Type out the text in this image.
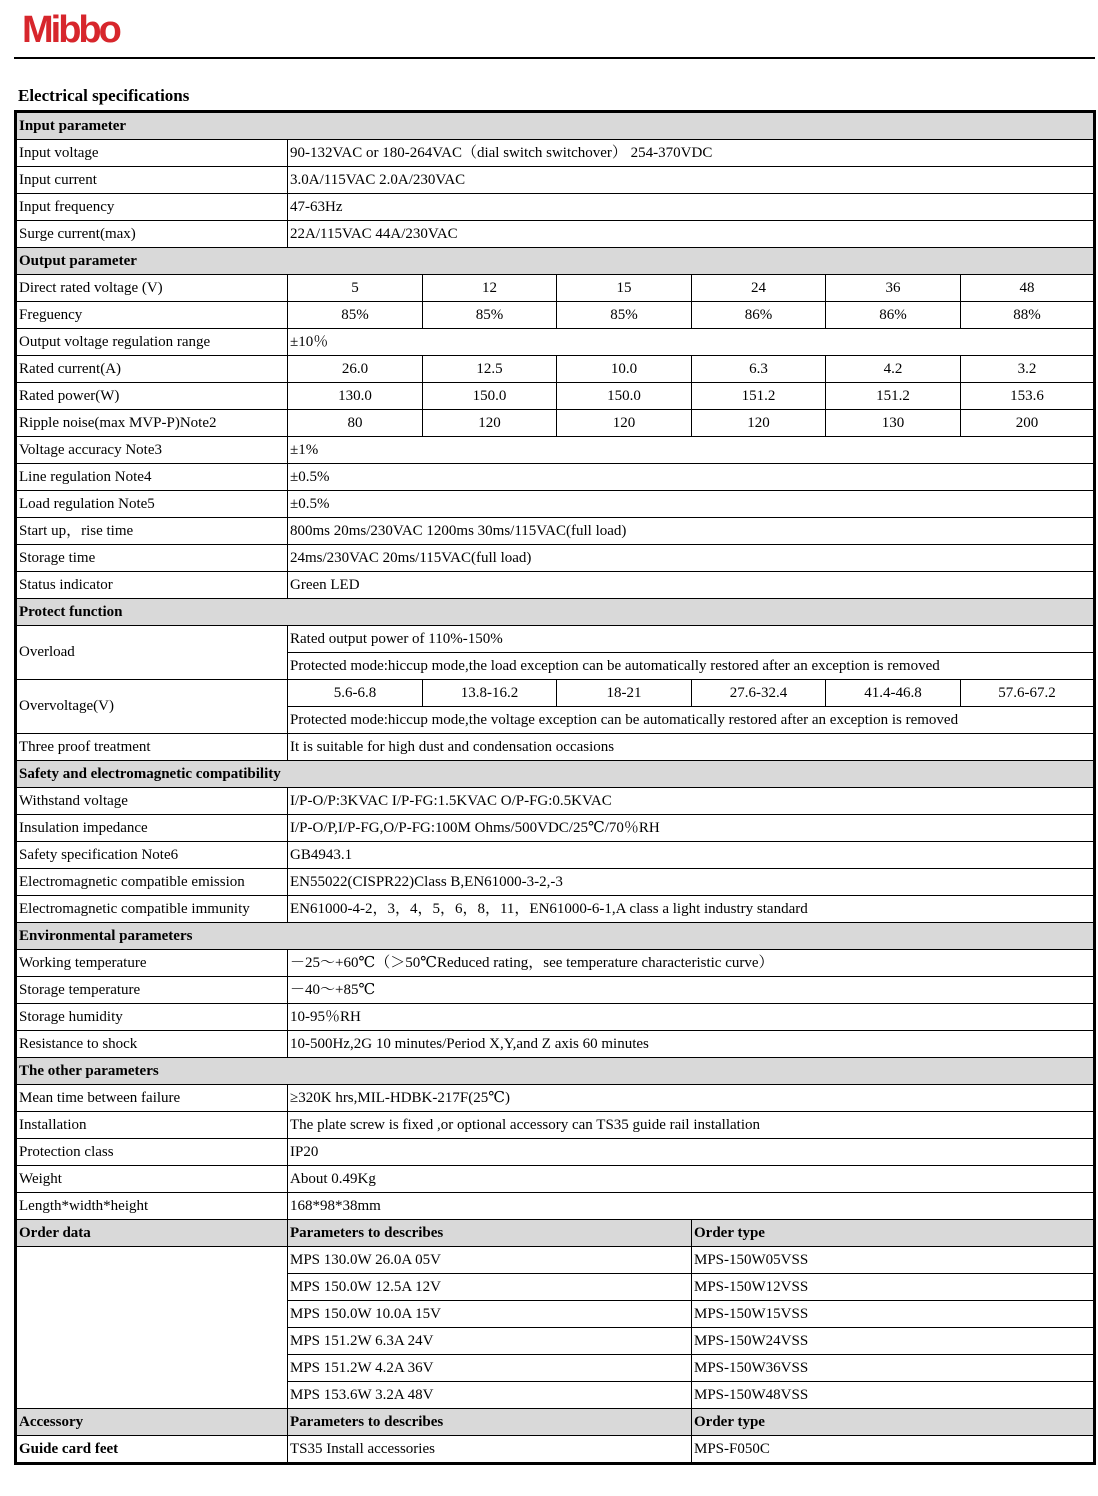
Mibbo
Electrical specifications
Input parameter						
Input voltage	90-132VAC or 180-264VAC（dial switch switchover） 254-370VDC					
Input current	3.0A/115VAC 2.0A/230VAC					
Input frequency	47-63Hz					
Surge current(max)	22A/115VAC 44A/230VAC					
Output parameter						
Direct rated voltage (V)	5	12	15	24	36	48
Freguency	85%	85%	85%	86%	86%	88%
Output voltage regulation range	±10％					
Rated current(A)	26.0	12.5	10.0	6.3	4.2	3.2
Rated power(W)	130.0	150.0	150.0	151.2	151.2	153.6
Ripple noise(max MVP-P)Note2	80	120	120	120	130	200
Voltage accuracy Note3	±1%					
Line regulation Note4	±0.5%					
Load regulation Note5	±0.5%					
Start up，rise time	800ms 20ms/230VAC 1200ms 30ms/115VAC(full load)					
Storage time	24ms/230VAC 20ms/115VAC(full load)					
Status indicator	Green LED					
Protect function						
Overload	Rated output power of 110%-150%					
	Protected mode:hiccup mode,the load exception can be automatically restored after an exception is removed					
Overvoltage(V)	5.6-6.8	13.8-16.2	18-21	27.6-32.4	41.4-46.8	57.6-67.2
	Protected mode:hiccup mode,the voltage exception can be automatically restored after an exception is removed					
Three proof treatment	It is suitable for high dust and condensation occasions					
Safety and electromagnetic compatibility						
Withstand voltage	I/P-O/P:3KVAC I/P-FG:1.5KVAC O/P-FG:0.5KVAC					
Insulation impedance	I/P-O/P,I/P-FG,O/P-FG:100M Ohms/500VDC/25℃/70％RH					
Safety specification Note6	GB4943.1					
Electromagnetic compatible emission	EN55022(CISPR22)Class B,EN61000-3-2,-3					
Electromagnetic compatible immunity	EN61000-4-2，3，4，5，6，8，11，EN61000-6-1,A class a light industry standard					
Environmental parameters						
Working temperature	－25～+60℃（＞50℃Reduced rating，see temperature characteristic curve）					
Storage temperature	－40～+85℃					
Storage humidity	10-95％RH					
Resistance to shock	10-500Hz,2G 10 minutes/Period X,Y,and Z axis 60 minutes					
The other parameters						
Mean time between failure	≥320K hrs,MIL-HDBK-217F(25℃)					
Installation	The plate screw is fixed ,or optional accessory can TS35 guide rail installation					
Protection class	IP20					
Weight	About 0.49Kg					
Length*width*height	168*98*38mm					
Order data	Parameters to describes			Order type		
	MPS 130.0W 26.0A 05V			MPS-150W05VSS		
	MPS 150.0W 12.5A 12V			MPS-150W12VSS		
	MPS 150.0W 10.0A 15V			MPS-150W15VSS		
	MPS 151.2W 6.3A 24V			MPS-150W24VSS		
	MPS 151.2W 4.2A 36V			MPS-150W36VSS		
	MPS 153.6W 3.2A 48V			MPS-150W48VSS		
Accessory	Parameters to describes			Order type		
Guide card feet	TS35 Install accessories			MPS-F050C		
